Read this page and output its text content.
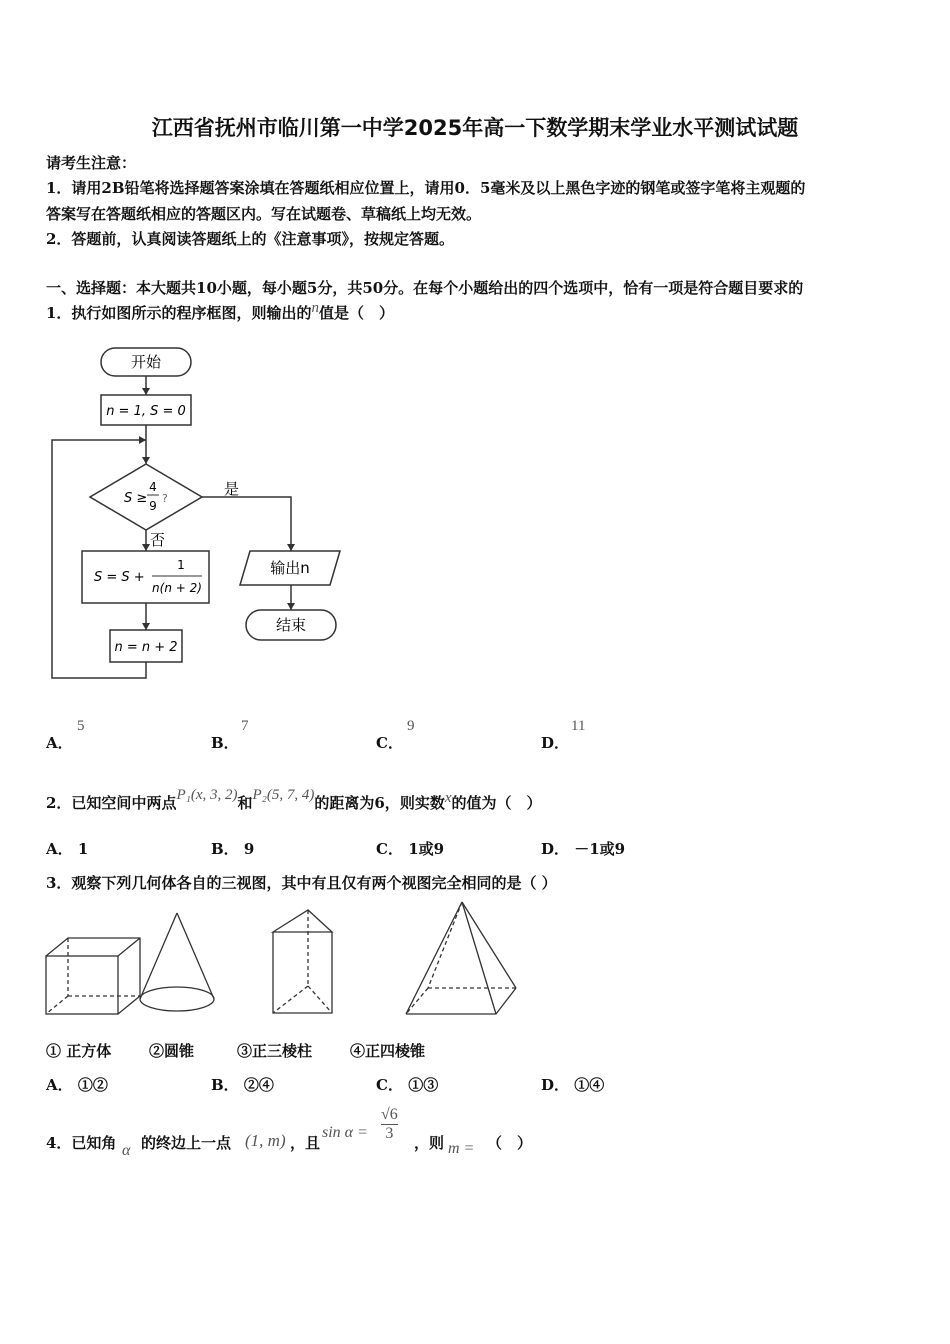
江西省抚州市临川第一中学2025年高一下数学期末学业水平测试试题
请考生注意：
1．请用2B铅笔将选择题答案涂填在答题纸相应位置上，请用0．5毫米及以上黑色字迹的钢笔或签字笔将主观题的
答案写在答题纸相应的答题区内。写在试题卷、草稿纸上均无效。
2．答题前，认真阅读答题纸上的《注意事项》，按规定答题。
一、选择题：本大题共10小题，每小题5分，共50分。在每个小题给出的四个选项中，恰有一项是符合题目要求的
1．执行如图所示的程序框图，则输出的n值是（　）
开始
n = 1, S = 0
S ≥
4
9
?
是
否
S = S +
1
n(n + 2)
n = n + 2
输出n
结束
A．
5
B．
7
C．
9
D．
11
2．已知空间中两点P₁(x, 3, 2)和P₂(5, 7, 4)的距离为6，则实数x的值为（　）
A． 1	B． 9	C． 1或9	D． －1或9
3．观察下列几何体各自的三视图，其中有且仅有两个视图完全相同的是（ ）
① 正方体	②圆锥	③正三棱柱	④正四棱锥
A． ①②	B． ②④	C． ①③	D． ①④
4．已知角 α 的终边上一点 (1, m) ，且
$\sin \alpha = \frac{√6}{3}$ ，则 m = （　）
